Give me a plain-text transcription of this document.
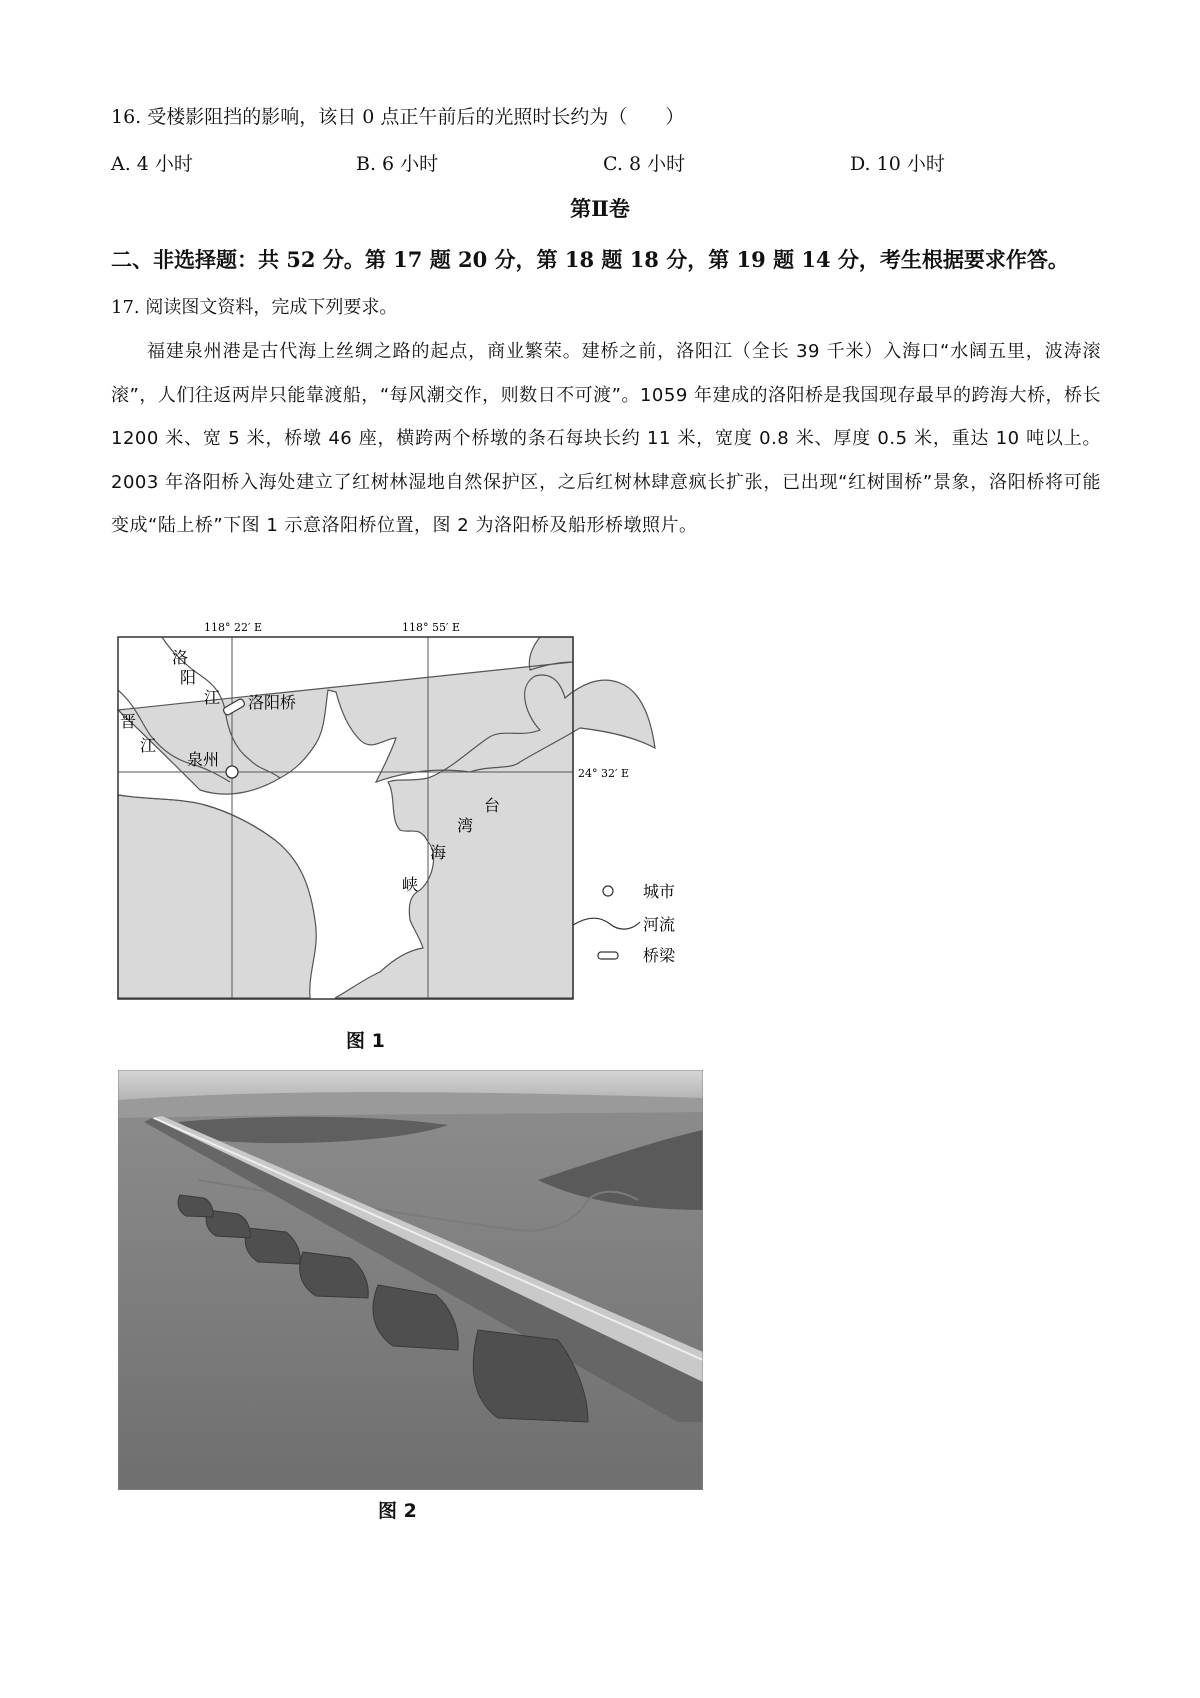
16. 受楼影阻挡的影响，该日 0 点正午前后的光照时长约为（　　）
A. 4 小时	B. 6 小时	C. 8 小时	D. 10 小时
第Ⅱ卷
二、非选择题：共 52 分。第 17 题 20 分，第 18 题 18 分，第 19 题 14 分，考生根据要求作答。
17. 阅读图文资料，完成下列要求。
福建泉州港是古代海上丝绸之路的起点，商业繁荣。建桥之前，洛阳江（全长 39 千米）入海口“水阔五里，波涛滚滚”，人们往返两岸只能靠渡船，“每风潮交作，则数日不可渡”。1059 年建成的洛阳桥是我国现存最早的跨海大桥，桥长 1200 米、宽 5 米，桥墩 46 座，横跨两个桥墩的条石每块长约 11 米，宽度 0.8 米、厚度 0.5 米，重达 10 吨以上。2003 年洛阳桥入海处建立了红树林湿地自然保护区，之后红树林肆意疯长扩张，已出现“红树围桥”景象，洛阳桥将可能变成“陆上桥”下图 1 示意洛阳桥位置，图 2 为洛阳桥及船形桥墩照片。
118° 22′ E	118° 55′ E
24° 32′ E
洛
阳
江 洛阳桥
晋
江
泉州
台
湾
海
峡	城市
河流
桥梁
图 1
图 2
